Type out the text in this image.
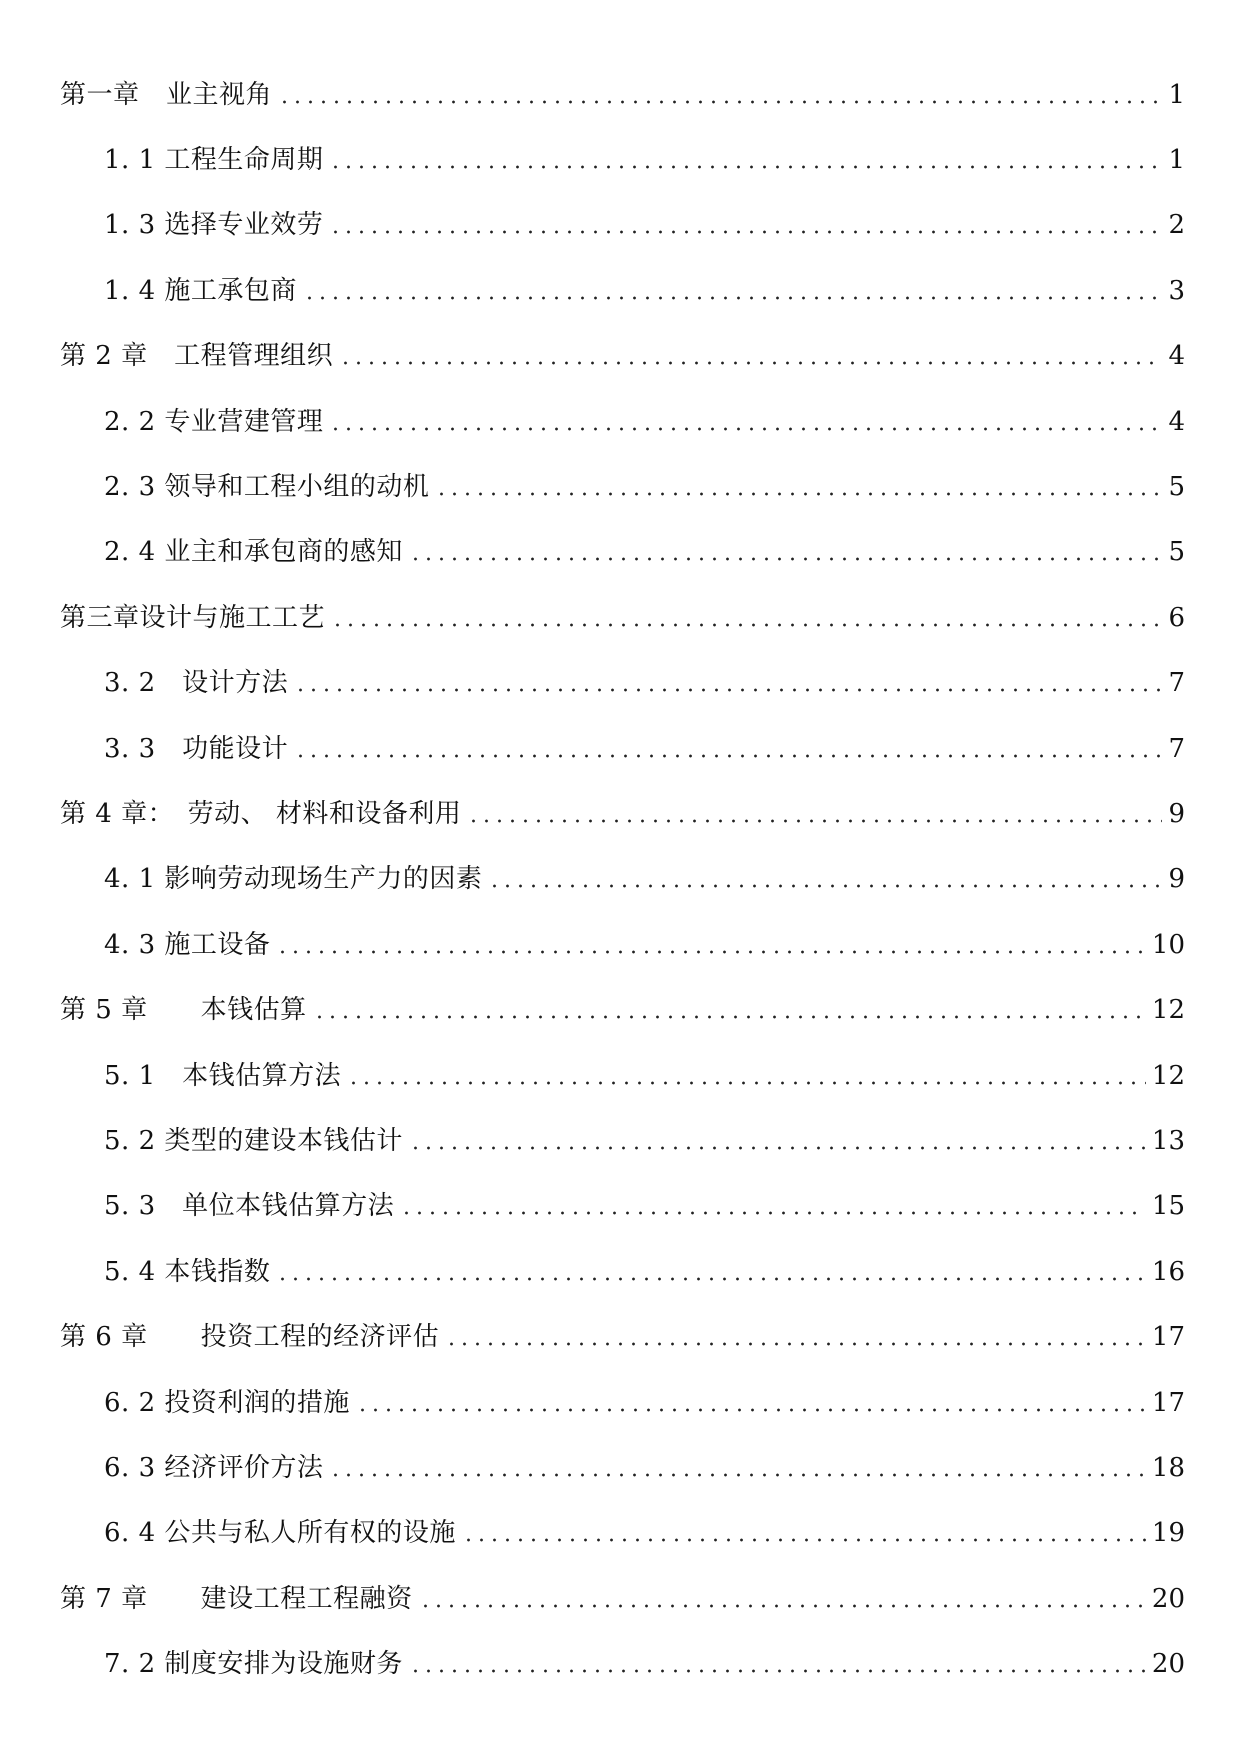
第一章　业主视角	1
1. 1 工程生命周期	1
1. 3 选择专业效劳	2
1. 4 施工承包商	3
第 2 章　工程管理组织	4
2. 2 专业营建管理	4
2. 3 领导和工程小组的动机	5
2. 4 业主和承包商的感知	5
第三章设计与施工工艺	6
3. 2　设计方法	7
3. 3　功能设计	7
第 4 章：　劳动、 材料和设备利用	9
4. 1 影响劳动现场生产力的因素	9
4. 3 施工设备	10
第 5 章　　本钱估算	12
5. 1　本钱估算方法	12
5. 2 类型的建设本钱估计	13
5. 3　单位本钱估算方法	15
5. 4 本钱指数	16
第 6 章　　投资工程的经济评估	17
6. 2 投资利润的措施	17
6. 3 经济评价方法	18
6. 4 公共与私人所有权的设施	19
第 7 章　　建设工程工程融资	20
7. 2 制度安排为设施财务	20
